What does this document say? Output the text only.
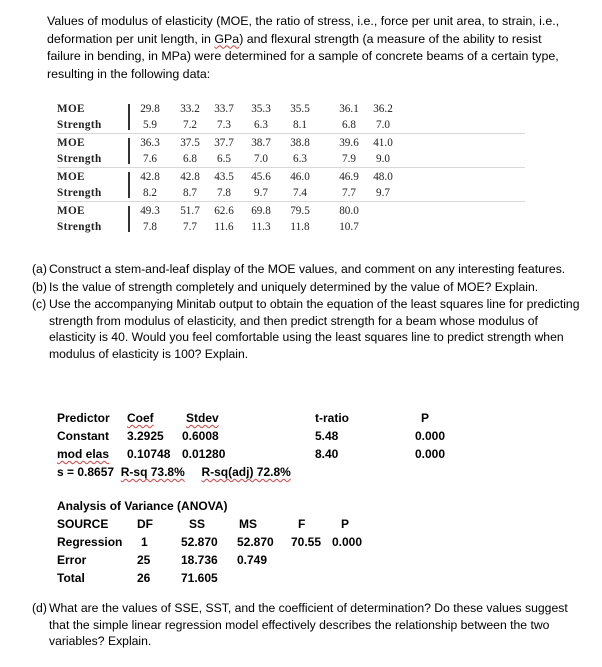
Values of modulus of elasticity (MOE, the ratio of stress, i.e., force per unit area, to strain, i.e., deformation per unit length, in GPa) and flexural strength (a measure of the ability to resist failure in bending, in MPa) were determined for a sample of concrete beams of a certain type, resulting in the following data:
MOE	29.8	33.2	33.7	35.3	35.5	36.1	36.2
Strength	5.9	7.2	7.3	6.3	8.1	6.8	7.0
MOE	36.3	37.5	37.7	38.7	38.8	39.6	41.0
Strength	7.6	6.8	6.5	7.0	6.3	7.9	9.0
MOE	42.8	42.8	43.5	45.6	46.0	46.9	48.0
Strength	8.2	8.7	7.8	9.7	7.4	7.7	9.7
MOE	49.3	51.7	62.6	69.8	79.5	80.0
Strength	7.8	7.7	11.6	11.3	11.8	10.7
(a) Construct a stem-and-leaf display of the MOE values, and comment on any interesting features.
(b) Is the value of strength completely and uniquely determined by the value of MOE? Explain.
(c) Use the accompanying Minitab output to obtain the equation of the least squares line for predicting strength from modulus of elasticity, and then predict strength for a beam whose modulus of elasticity is 40. Would you feel comfortable using the least squares line to predict strength when modulus of elasticity is 100? Explain.
Predictor Coef	Stdev	t-ratio	P
Constant 3.2925 0.6008	5.48	0.000
mod elas 0.10748 0.01280	8.40	0.000
s = 0.8657 R-sq 73.8% R-sq(adj) 72.8%
Analysis of Variance (ANOVA)
SOURCE DF	SS	MS	F	P
Regression 1	52.870 52.870 70.55 0.000
Error	25	18.736 0.749
Total	26	71.605
(d) What are the values of SSE, SST, and the coefficient of determination? Do these values suggest that the simple linear regression model effectively describes the relationship between the two variables? Explain.
